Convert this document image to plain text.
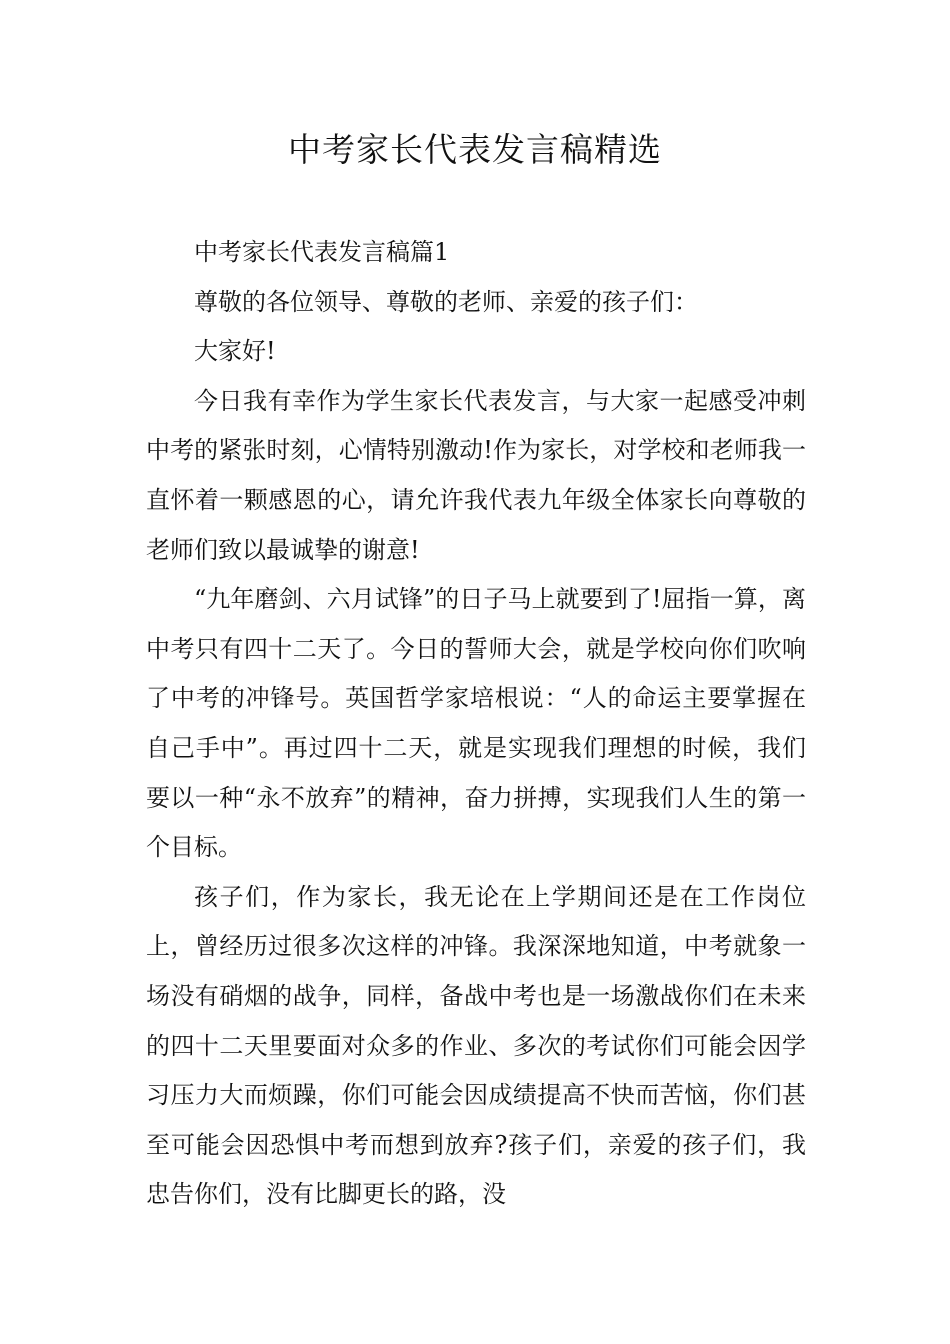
中考家长代表发言稿精选

中考家长代表发言稿篇1

尊敬的各位领导、尊敬的老师、亲爱的孩子们：

大家好!

今日我有幸作为学生家长代表发言，与大家一起感受冲刺中考的紧张时刻，心情特别激动!作为家长，对学校和老师我一直怀着一颗感恩的心，请允许我代表九年级全体家长向尊敬的老师们致以最诚挚的谢意!

“九年磨剑、六月试锋”的日子马上就要到了!屈指一算，离中考只有四十二天了。今日的誓师大会，就是学校向你们吹响了中考的冲锋号。英国哲学家培根说：“人的命运主要掌握在自己手中”。再过四十二天，就是实现我们理想的时候，我们要以一种“永不放弃”的精神，奋力拼搏，实现我们人生的第一个目标。

孩子们，作为家长，我无论在上学期间还是在工作岗位上，曾经历过很多次这样的冲锋。我深深地知道，中考就象一场没有硝烟的战争，同样，备战中考也是一场激战你们在未来的四十二天里要面对众多的作业、多次的考试你们可能会因学习压力大而烦躁，你们可能会因成绩提高不快而苦恼，你们甚至可能会因恐惧中考而想到放弃?孩子们，亲爱的孩子们，我忠告你们，没有比脚更长的路，没
